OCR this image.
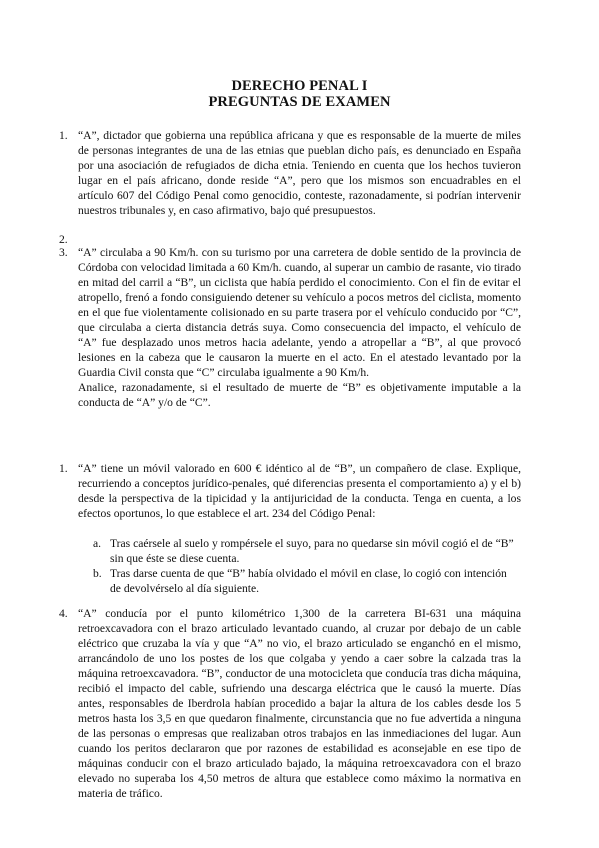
DERECHO PENAL I
PREGUNTAS DE EXAMEN
1. “A”, dictador que gobierna una república africana y que es responsable de la muerte de miles de personas integrantes de una de las etnias que pueblan dicho país, es denunciado en España por una asociación de refugiados de dicha etnia. Teniendo en cuenta que los hechos tuvieron lugar en el país africano, donde reside “A”, pero que los mismos son encuadrables en el artículo 607 del Código Penal como genocidio, conteste, razonadamente, si podrían intervenir nuestros tribunales y, en caso afirmativo, bajo qué presupuestos.

2.

3. “A” circulaba a 90 Km/h. con su turismo por una carretera de doble sentido de la provincia de Córdoba con velocidad limitada a 60 Km/h. cuando, al superar un cambio de rasante, vio tirado en mitad del carril a “B”, un ciclista que había perdido el conocimiento. Con el fin de evitar el atropello, frenó a fondo consiguiendo detener su vehículo a pocos metros del ciclista, momento en el que fue violentamente colisionado en su parte trasera por el vehículo conducido por “C”, que circulaba a cierta distancia detrás suya. Como consecuencia del impacto, el vehículo de “A” fue desplazado unos metros hacia adelante, yendo a atropellar a “B”, al que provocó lesiones en la cabeza que le causaron la muerte en el acto. En el atestado levantado por la Guardia Civil consta que “C” circulaba igualmente a 90 Km/h.

Analice, razonadamente, si el resultado de muerte de “B” es objetivamente imputable a la conducta de “A” y/o de “C”.

1. “A” tiene un móvil valorado en 600 € idéntico al de “B”, un compañero de clase. Explique, recurriendo a conceptos jurídico-penales, qué diferencias presenta el comportamiento a) y el b) desde la perspectiva de la tipicidad y la antijuricidad de la conducta. Tenga en cuenta, a los efectos oportunos, lo que establece el art. 234 del Código Penal:

a. Tras caérsele al suelo y rompérsele el suyo, para no quedarse sin móvil cogió el de “B” sin que éste se diese cuenta.

b. Tras darse cuenta de que “B” había olvidado el móvil en clase, lo cogió con intención de devolvérselo al día siguiente.

4. “A” conducía por el punto kilométrico 1,300 de la carretera BI-631 una máquina retroexcavadora con el brazo articulado levantado cuando, al cruzar por debajo de un cable eléctrico que cruzaba la vía y que “A” no vio, el brazo articulado se enganchó en el mismo, arrancándolo de uno los postes de los que colgaba y yendo a caer sobre la calzada tras la máquina retroexcavadora. “B”, conductor de una motocicleta que conducía tras dicha máquina, recibió el impacto del cable, sufriendo una descarga eléctrica que le causó la muerte. Días antes, responsables de Iberdrola habían procedido a bajar la altura de los cables desde los 5 metros hasta los 3,5 en que quedaron finalmente, circunstancia que no fue advertida a ninguna de las personas o empresas que realizaban otros trabajos en las inmediaciones del lugar. Aun cuando los peritos declararon que por razones de estabilidad es aconsejable en ese tipo de máquinas conducir con el brazo articulado bajado, la máquina retroexcavadora con el brazo elevado no superaba los 4,50 metros de altura que establece como máximo la normativa en materia de tráfico.
